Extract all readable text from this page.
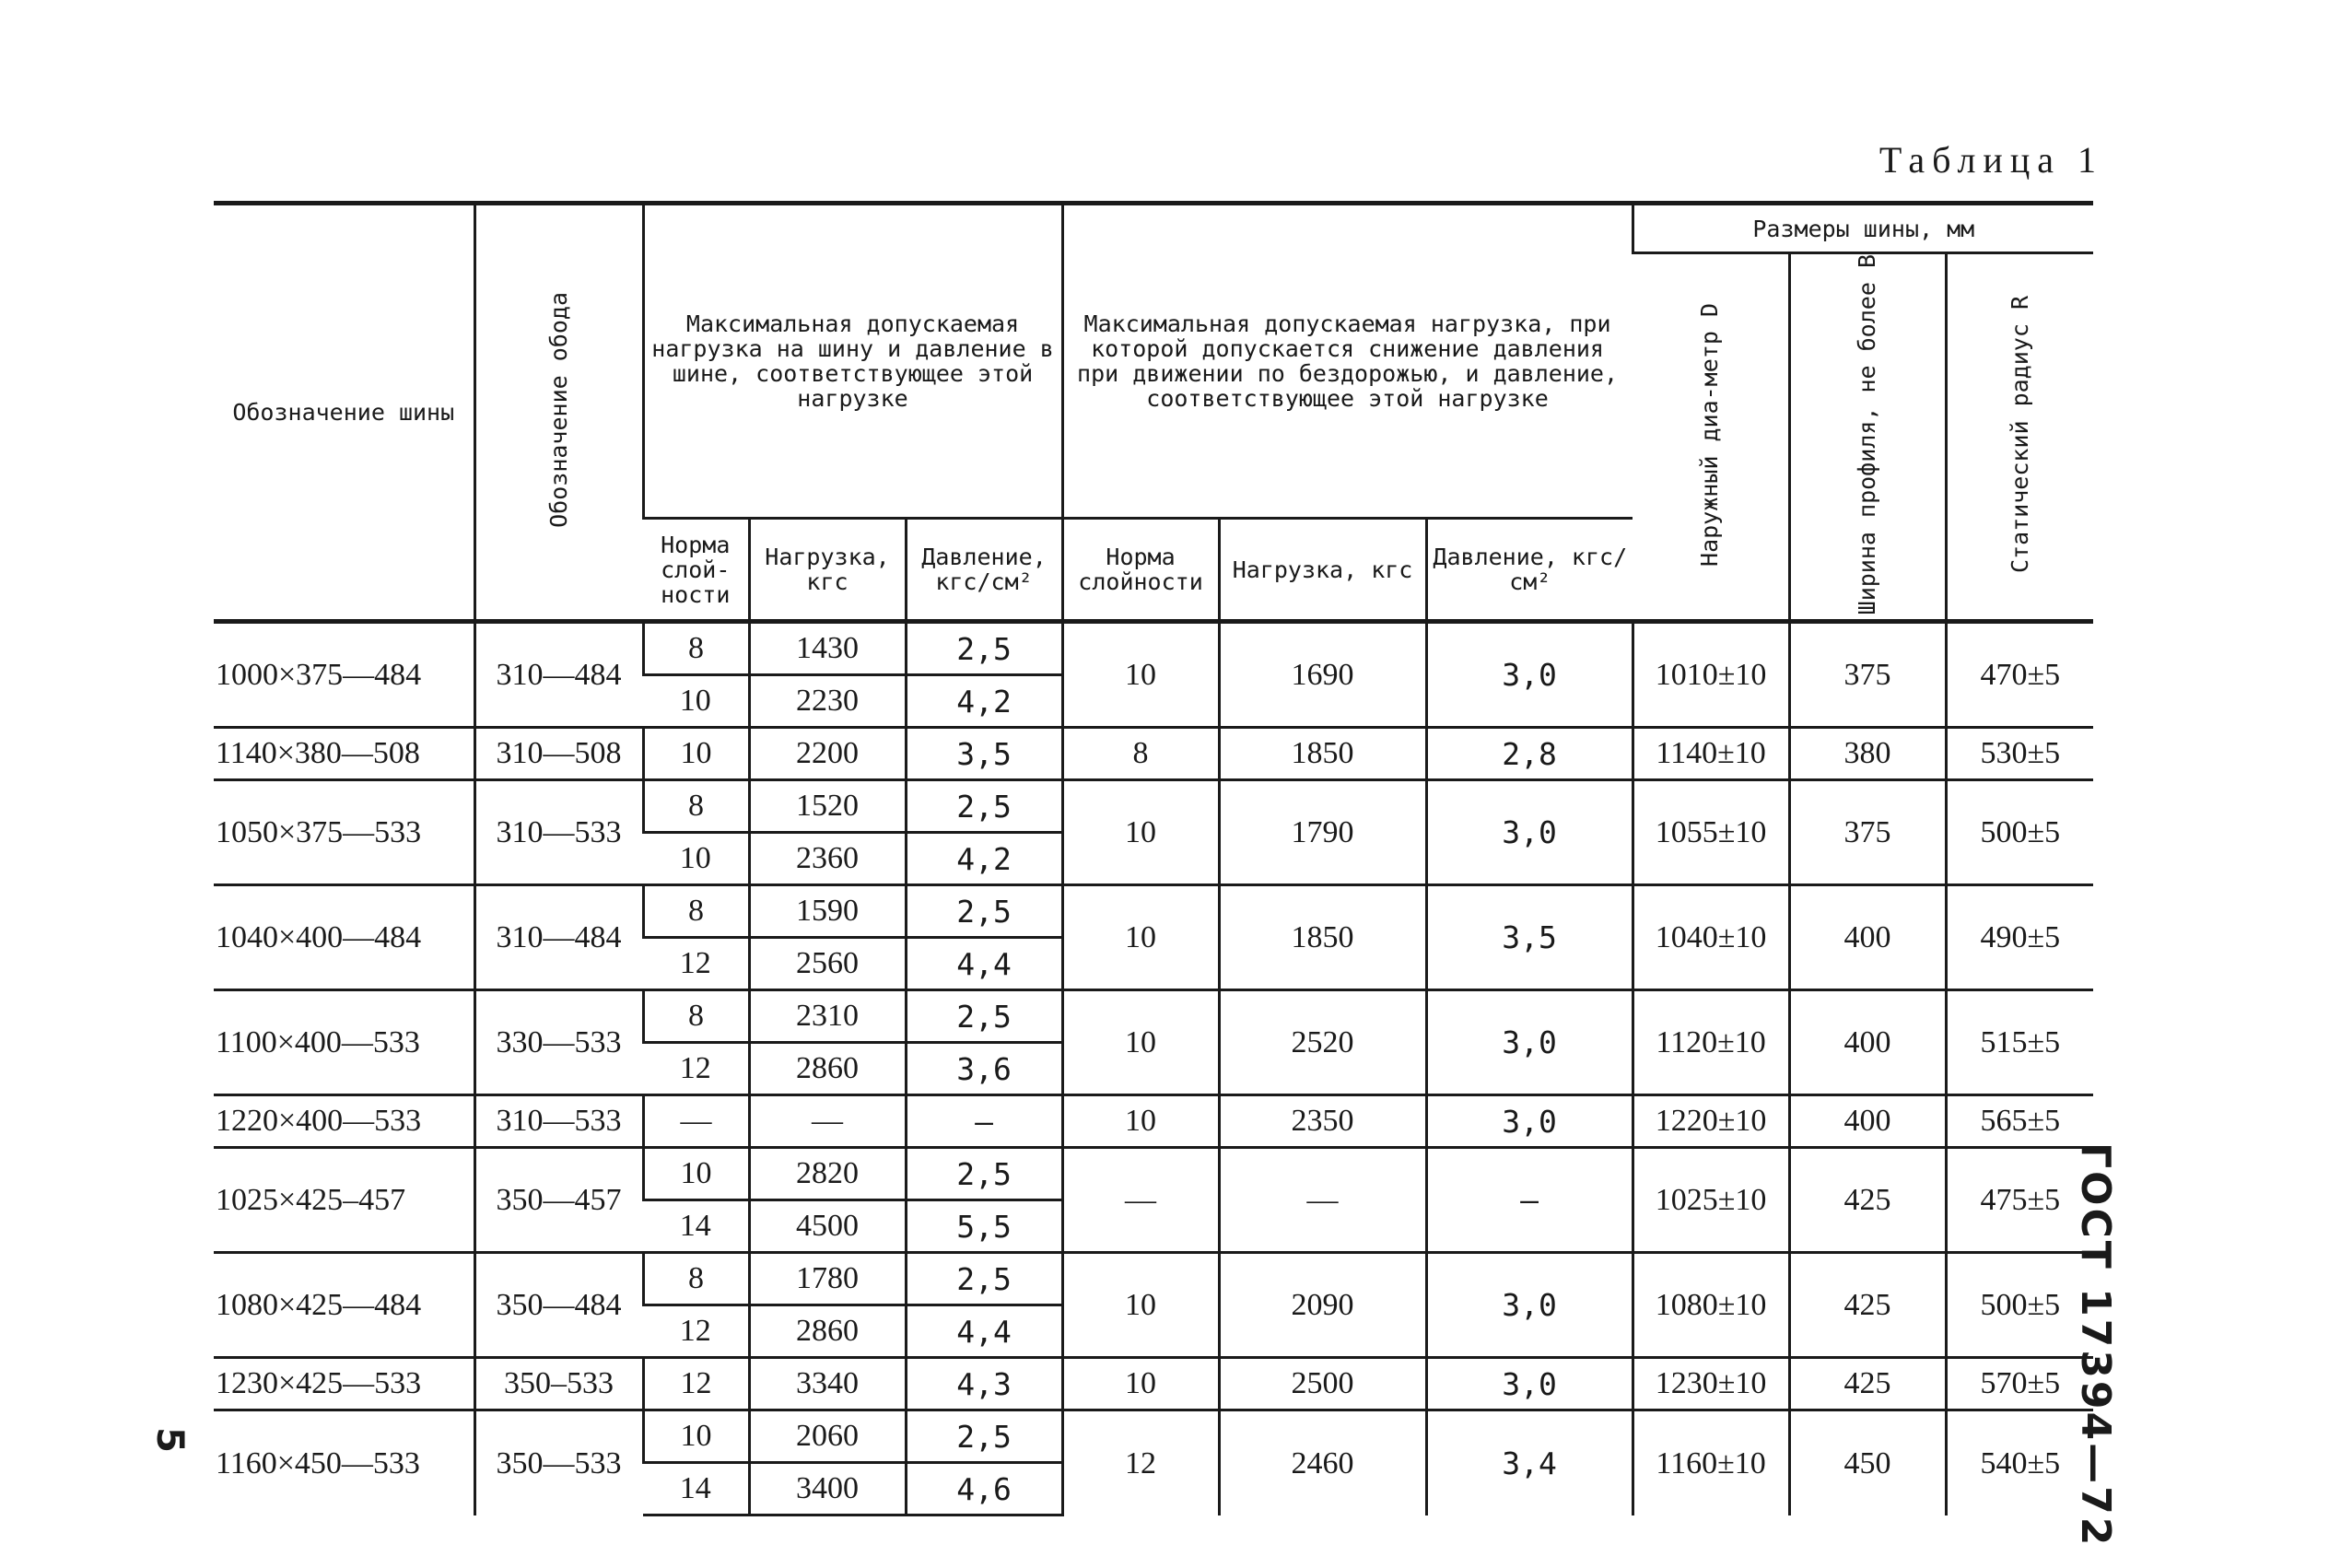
Таблица 1
ГОСТ 17394—72
5
Обозначение шины	Обозначение обода	Максимальная допускаемая нагрузка на шину и давление в шине, соответствующее этой нагрузке			Максимальная допускаемая нагрузка, при которой допускается снижение давления при движении по бездорожью, и давление, соответствующее этой нагрузке			Размеры шины, мм		
								Наружный диа-метр D	Ширина профиля, не более B	Статический радиус R
		Норма слой-ности	Нагрузка, кгс	Давление, кгс/см²	Норма слойности	Нагрузка, кгс	Давление, кгс/см²			
1000×375—484	310—484	8	1430	2,5	10	1690	3,0	1010±10	375	470±5
		10	2230	4,2						
1140×380—508	310—508	10	2200	3,5	8	1850	2,8	1140±10	380	530±5
1050×375—533	310—533	8	1520	2,5	10	1790	3,0	1055±10	375	500±5
		10	2360	4,2						
1040×400—484	310—484	8	1590	2,5	10	1850	3,5	1040±10	400	490±5
		12	2560	4,4						
1100×400—533	330—533	8	2310	2,5	10	2520	3,0	1120±10	400	515±5
		12	2860	3,6						
1220×400—533	310—533	—	—	—	10	2350	3,0	1220±10	400	565±5
1025×425–457	350—457	10	2820	2,5	—	—	—	1025±10	425	475±5
		14	4500	5,5						
1080×425—484	350—484	8	1780	2,5	10	2090	3,0	1080±10	425	500±5
		12	2860	4,4						
1230×425—533	350–533	12	3340	4,3	10	2500	3,0	1230±10	425	570±5
1160×450—533	350—533	10	2060	2,5	12	2460	3,4	1160±10	450	540±5
		14	3400	4,6						
